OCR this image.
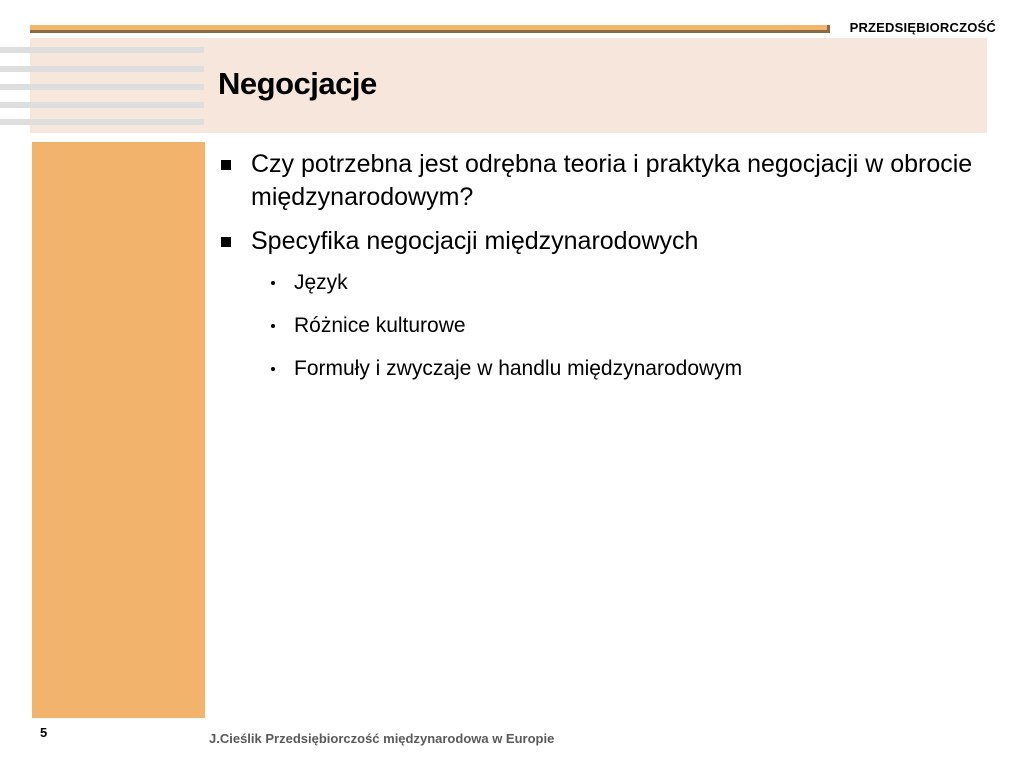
PRZEDSIĘBIORCZOŚĆ
Negocjacje
Czy potrzebna jest odrębna teoria i praktyka negocjacji w obrocie międzynarodowym?
Specyfika negocjacji międzynarodowych
Język
Różnice kulturowe
Formuły i zwyczaje w handlu międzynarodowym
5	J.Cieślik Przedsiębiorczość międzynarodowa w Europie
